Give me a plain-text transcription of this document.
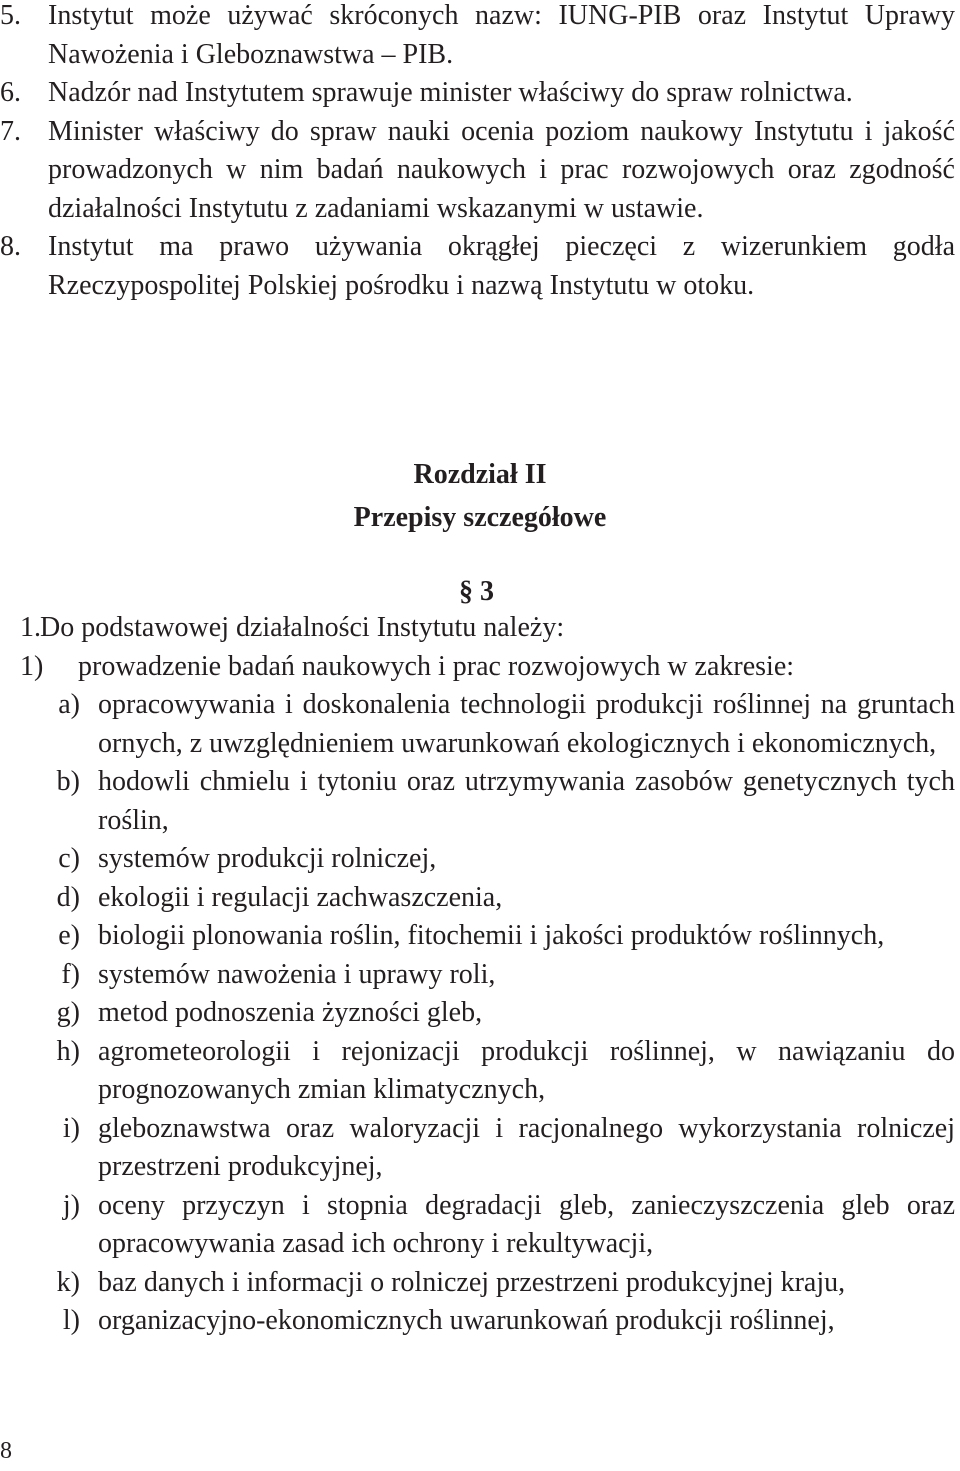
5. Instytut może używać skróconych nazw: IUNG-PIB oraz Instytut Uprawy Nawożenia i Gleboznawstwa – PIB.
6. Nadzór nad Instytutem sprawuje minister właściwy do spraw rolnictwa.
7. Minister właściwy do spraw nauki ocenia poziom naukowy Instytutu i jakość prowadzonych w nim badań naukowych i prac rozwojowych oraz zgodność działalności Instytutu z zadaniami wskazanymi w ustawie.
8. Instytut ma prawo używania okrągłej pieczęci z wizerunkiem godła Rzeczypospolitej Polskiej pośrodku i nazwą Instytutu w otoku.
Rozdział II
Przepisy szczegółowe
§ 3
1. Do podstawowej działalności Instytutu należy:
1)	prowadzenie badań naukowych i prac rozwojowych w zakresie:
a) opracowywania i doskonalenia technologii produkcji roślinnej na gruntach ornych, z uwzględnieniem uwarunkowań ekologicznych i ekonomicznych,
b) hodowli chmielu i tytoniu oraz utrzymywania zasobów genetycznych tych roślin,
c) systemów produkcji rolniczej,
d) ekologii i regulacji zachwaszczenia,
e) biologii plonowania roślin, fitochemii i jakości produktów roślinnych,
f) systemów nawożenia i uprawy roli,
g) metod podnoszenia żyzności gleb,
h) agrometeorologii i rejonizacji produkcji roślinnej, w nawiązaniu do prognozowanych zmian klimatycznych,
i) gleboznawstwa oraz waloryzacji i racjonalnego wykorzystania rolniczej przestrzeni produkcyjnej,
j) oceny przyczyn i stopnia degradacji gleb, zanieczyszczenia gleb oraz opracowywania zasad ich ochrony i rekultywacji,
k) baz danych i informacji o rolniczej przestrzeni produkcyjnej kraju,
l) organizacyjno-ekonomicznych uwarunkowań produkcji roślinnej,
8
